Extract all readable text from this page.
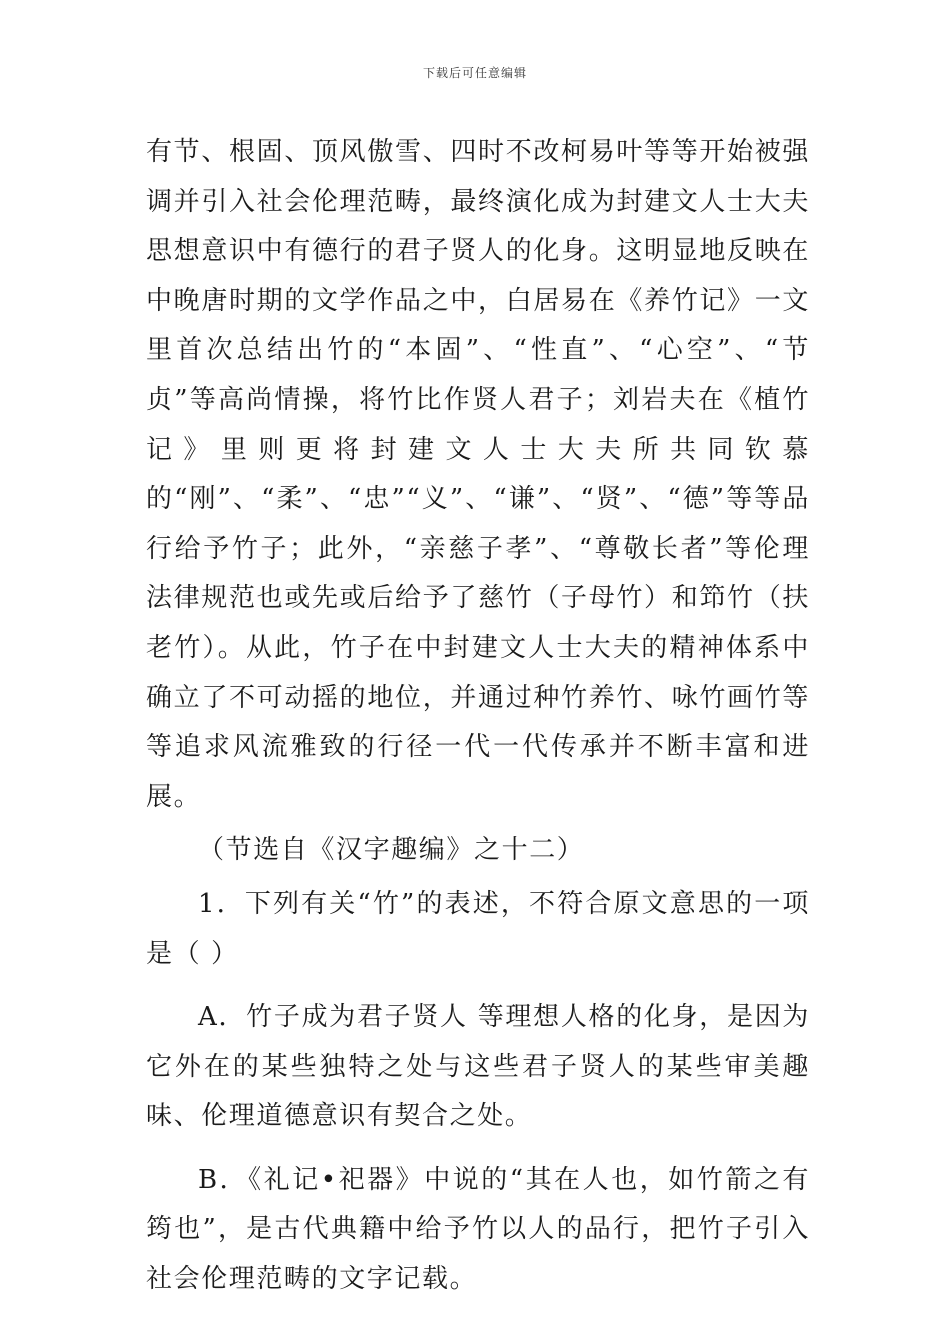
下载后可任意编辑

有节、根固、顶风傲雪、四时不改柯易叶等等开始被强调并引入社会伦理范畴，最终演化成为封建文人士大夫思想意识中有德行的君子贤人的化身。这明显地反映在中晚唐时期的文学作品之中，白居易在《养竹记》一文里首次总结出竹的“本固”、“性直”、“心空”、“节贞”等高尚情操，将竹比作贤人君子；刘岩夫在《植竹记》里则更将封建文人士大夫所共同钦慕的“刚”、“柔”、“忠”“义”、“谦”、“贤”、“德”等等品行给予竹子；此外，“亲慈子孝”、“尊敬长者”等伦理法律规范也或先或后给予了慈竹（子母竹）和笻竹（扶老竹）。从此，竹子在中封建文人士大夫的精神体系中确立了不可动摇的地位，并通过种竹养竹、咏竹画竹等等追求风流雅致的行径一代一代传承并不断丰富和进展。

（节选自《汉字趣编》之十二）

1．下列有关“竹”的表述，不符合原文意思的一项是（ ）

A．竹子成为君子贤人 等理想人格的化身，是因为它外在的某些独特之处与这些君子贤人的某些审美趣味、伦理道德意识有契合之处。

B．《礼记•祀器》中说的“其在人也，如竹箭之有筠也”，是古代典籍中给予竹以人的品行，把竹子引入社会伦理范畴的文字记载。
